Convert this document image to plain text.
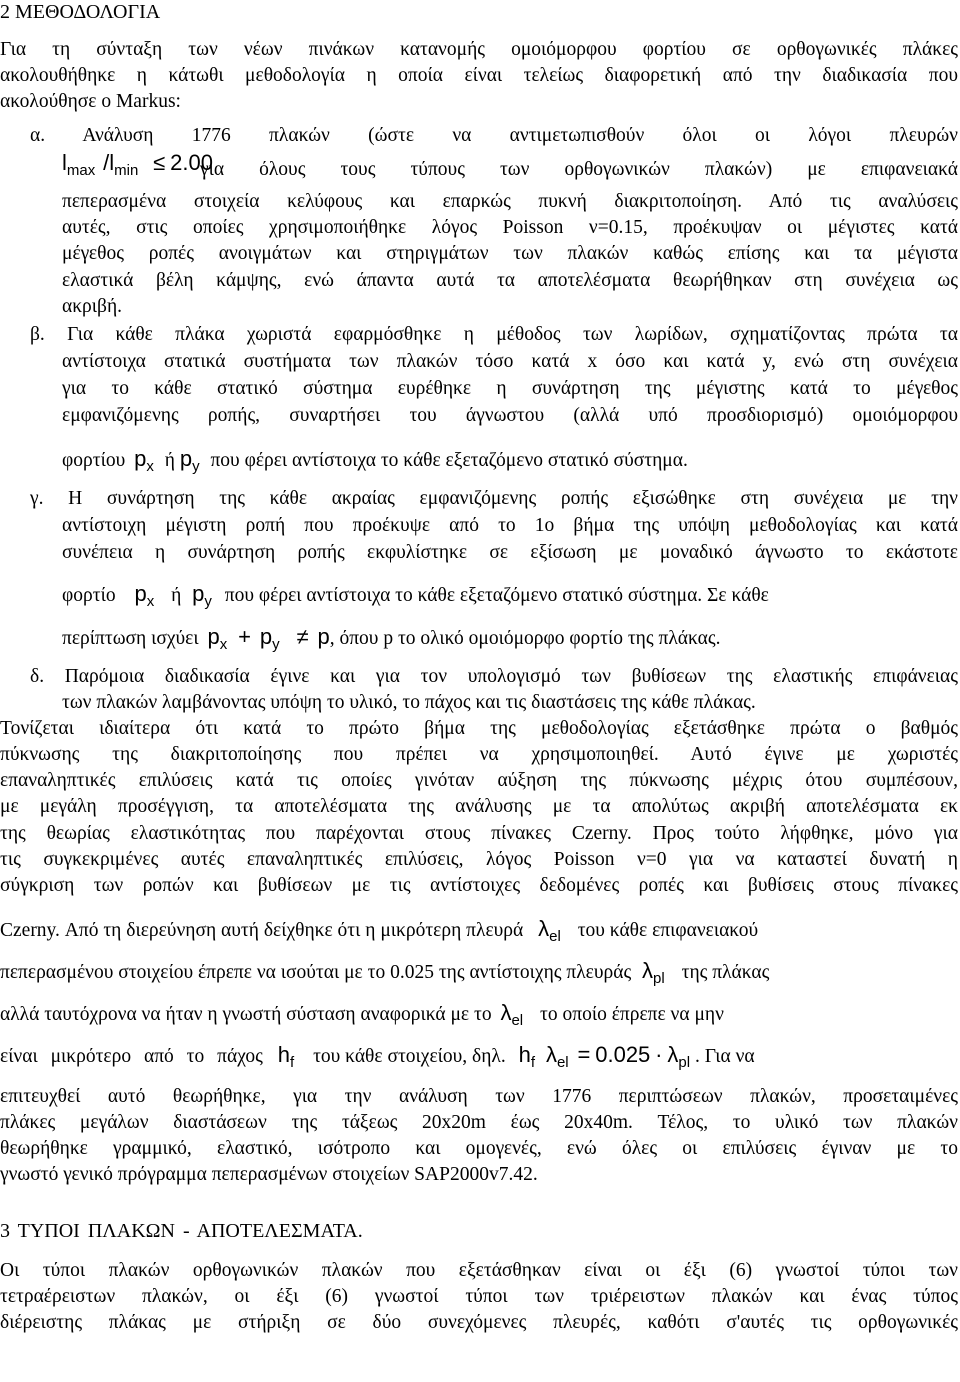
2 ΜΕΘΟΔΟΛΟΓΙΑ
Για τη σύνταξη των νέων πινάκων κατανομής ομοιόμορφου φορτίου σε ορθογωνικές πλάκες
ακολουθήθηκε η κάτωθι μεθοδολογία η οποία είναι τελείως διαφορετική από την διαδικασία που
ακολούθησε ο Markus:
α. Ανάλυση 1776 πλακών (ώστε να αντιμετωπισθούν όλοι οι λόγοι πλευρών
$l_{max}$ $/l_{min} \le 2.00$
για όλους τους τύπους των ορθογωνικών πλακών) με επιφανειακά
πεπερασμένα στοιχεία κελύφους και επαρκώς πυκνή διακριτοποίηση. Από τις αναλύσεις
αυτές, στις οποίες χρησιμοποιήθηκε λόγος Poisson ν=0.15, προέκυψαν οι μέγιστες κατά
μέγεθος ροπές ανοιγμάτων και στηριγμάτων των πλακών καθώς επίσης και τα μέγιστα
ελαστικά βέλη κάμψης, ενώ άπαντα αυτά τα αποτελέσματα θεωρήθηκαν στη συνέχεια ως
ακριβή.
β. Για κάθε πλάκα χωριστά εφαρμόσθηκε η μέθοδος των λωρίδων, σχηματίζοντας πρώτα τα
αντίστοιχα στατικά συστήματα των πλακών τόσο κατά x όσο και κατά y, ενώ στη συνέχεια
για το κάθε στατικό σύστημα ευρέθηκε η συνάρτηση της μέγιστης κατά το μέγεθος
εμφανιζόμενης ροπής, συναρτήσει του άγνωστου (αλλά υπό προσδιορισμό) ομοιόμορφου
φορτίου $p_x$ ή $p_y$ που φέρει αντίστοιχα το κάθε εξεταζόμενο στατικό σύστημα.
γ. Η συνάρτηση της κάθε ακραίας εμφανιζόμενης ροπής εξισώθηκε στη συνέχεια με την
αντίστοιχη μέγιστη ροπή που προέκυψε από το 1ο βήμα της υπόψη μεθοδολογίας και κατά
συνέπεια η συνάρτηση ροπής εκφυλίστηκε σε εξίσωση με μοναδικό άγνωστο το εκάστοτε
φορτίο $p_x$ ή $p_y$ που φέρει αντίστοιχα το κάθε εξεταζόμενο στατικό σύστημα. Σε κάθε
περίπτωση ισχύει $p_x + p_y \ne p$, όπου p το ολικό ομοιόμορφο φορτίο της πλάκας.
δ. Παρόμοια διαδικασία έγινε και για τον υπολογισμό των βυθίσεων της ελαστικής επιφάνειας
των πλακών λαμβάνοντας υπόψη το υλικό, το πάχος και τις διαστάσεις της κάθε πλάκας.
Τονίζεται ιδιαίτερα ότι κατά το πρώτο βήμα της μεθοδολογίας εξετάσθηκε πρώτα ο βαθμός
πύκνωσης της διακριτοποίησης που πρέπει να χρησιμοποιηθεί. Αυτό έγινε με χωριστές
επαναληπτικές επιλύσεις κατά τις οποίες γινόταν αύξηση της πύκνωσης μέχρις ότου συμπέσουν,
με μεγάλη προσέγγιση, τα αποτελέσματα της ανάλυσης με τα απολύτως ακριβή αποτελέσματα εκ
της θεωρίας ελαστικότητας που παρέχονται στους πίνακες Czerny. Προς τούτο λήφθηκε, μόνο για
τις συγκεκριμένες αυτές επαναληπτικές επιλύσεις, λόγος Poisson ν=0 για να καταστεί δυνατή η
σύγκριση των ροπών και βυθίσεων με τις αντίστοιχες δεδομένες ροπές και βυθίσεις στους πίνακες
Czerny. Από τη διερεύνηση αυτή δείχθηκε ότι η μικρότερη πλευρά $\lambda_{el}$ του κάθε επιφανειακού
πεπερασμένου στοιχείου έπρεπε να ισούται με το 0.025 της αντίστοιχης πλευράς $\lambda_{pl}$ της πλάκας
αλλά ταυτόχρονα να ήταν η γνωστή σύσταση αναφορικά με το $\lambda_{el}$ το οποίο έπρεπε να μην
είναι μικρότερο από το πάχος $h_f$ του κάθε στοιχείου, δηλ. $h_f$ $\lambda_{el} = 0.025 \cdot \lambda_{pl}$ . Για να
επιτευχθεί αυτό θεωρήθηκε, για την ανάλυση των 1776 περιπτώσεων πλακών, προσεταιμένες
πλάκες μεγάλων διαστάσεων της τάξεως 20x20m έως 20x40m. Τέλος, το υλικό των πλακών
θεωρήθηκε γραμμικό, ελαστικό, ισότροπο και ομογενές, ενώ όλες οι επιλύσεις έγιναν με το
γνωστό γενικό πρόγραμμα πεπερασμένων στοιχείων SAP2000v7.42.
3 ΤΥΠΟΙ ΠΛΑΚΩΝ - ΑΠΟΤΕΛΕΣΜΑΤΑ.
Οι τύποι πλακών ορθογωνικών πλακών που εξετάσθηκαν είναι οι έξι (6) γνωστοί τύποι των
τετραέρειστων πλακών, οι έξι (6) γνωστοί τύποι των τριέρειστων πλακών και ένας τύπος
διέρειστης πλάκας με στήριξη σε δύο συνεχόμενες πλευρές, καθότι σ'αυτές τις ορθογωνικές
